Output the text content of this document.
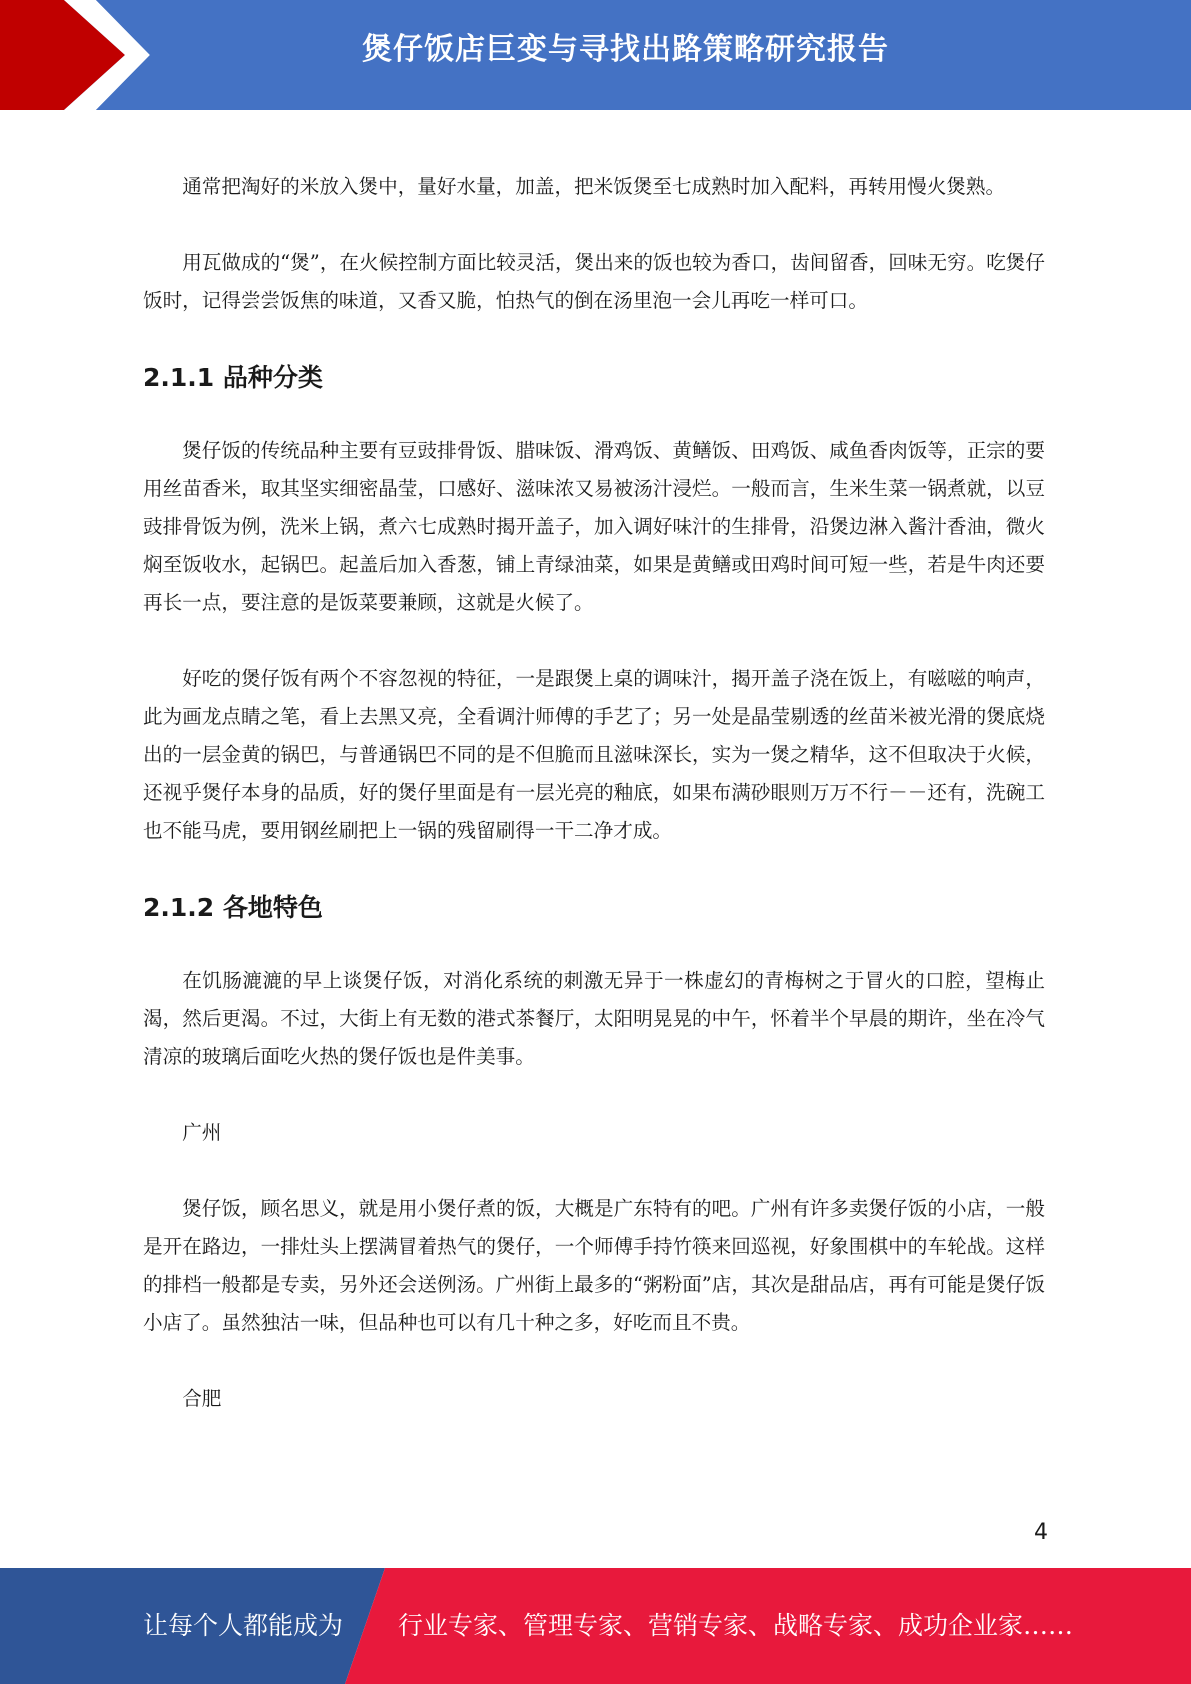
煲仔饭店巨变与寻找出路策略研究报告

通常把淘好的米放入煲中，量好水量，加盖，把米饭煲至七成熟时加入配料，再转用慢火煲熟。

用瓦做成的“煲”，在火候控制方面比较灵活，煲出来的饭也较为香口，齿间留香，回味无穷。吃煲仔饭时，记得尝尝饭焦的味道，又香又脆，怕热气的倒在汤里泡一会儿再吃一样可口。

2.1.1 品种分类

煲仔饭的传统品种主要有豆豉排骨饭、腊味饭、滑鸡饭、黄鳝饭、田鸡饭、咸鱼香肉饭等，正宗的要用丝苗香米，取其坚实细密晶莹，口感好、滋味浓又易被汤汁浸烂。一般而言，生米生菜一锅煮就，以豆豉排骨饭为例，洗米上锅，煮六七成熟时揭开盖子，加入调好味汁的生排骨，沿煲边淋入酱汁香油，微火焖至饭收水，起锅巴。起盖后加入香葱，铺上青绿油菜，如果是黄鳝或田鸡时间可短一些，若是牛肉还要再长一点，要注意的是饭菜要兼顾，这就是火候了。

好吃的煲仔饭有两个不容忽视的特征，一是跟煲上桌的调味汁，揭开盖子浇在饭上，有嗞嗞的响声，此为画龙点睛之笔，看上去黑又亮，全看调汁师傅的手艺了；另一处是晶莹剔透的丝苗米被光滑的煲底烧出的一层金黄的锅巴，与普通锅巴不同的是不但脆而且滋味深长，实为一煲之精华，这不但取决于火候，还视乎煲仔本身的品质，好的煲仔里面是有一层光亮的釉底，如果布满砂眼则万万不行－－还有，洗碗工也不能马虎，要用钢丝刷把上一锅的残留刷得一干二净才成。

2.1.2 各地特色

在饥肠漉漉的早上谈煲仔饭，对消化系统的刺激无异于一株虚幻的青梅树之于冒火的口腔，望梅止渴，然后更渴。不过，大街上有无数的港式茶餐厅，太阳明晃晃的中午，怀着半个早晨的期许，坐在冷气清凉的玻璃后面吃火热的煲仔饭也是件美事。

广州

煲仔饭，顾名思义，就是用小煲仔煮的饭，大概是广东特有的吧。广州有许多卖煲仔饭的小店，一般是开在路边，一排灶头上摆满冒着热气的煲仔，一个师傅手持竹筷来回巡视，好象围棋中的车轮战。这样的排档一般都是专卖，另外还会送例汤。广州街上最多的“粥粉面”店，其次是甜品店，再有可能是煲仔饭小店了。虽然独沽一味，但品种也可以有几十种之多，好吃而且不贵。

合肥

4
让每个人都能成为 行业专家、管理专家、营销专家、战略专家、成功企业家……
